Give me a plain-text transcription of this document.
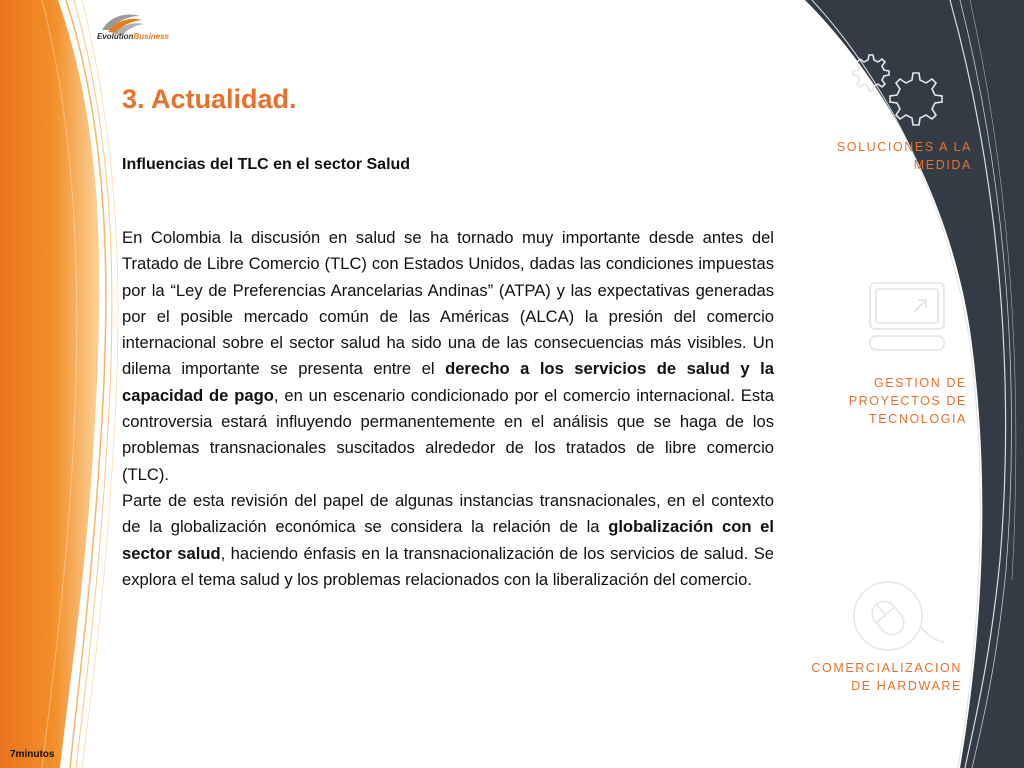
EvolutionBusiness
3. Actualidad.
Influencias del TLC en el sector Salud

En Colombia la discusión en salud se ha tornado muy importante desde antes del Tratado de Libre Comercio (TLC) con Estados Unidos, dadas las condiciones impuestas por la “Ley de Preferencias Arancelarias Andinas” (ATPA) y las expectativas generadas por el posible mercado común de las Américas (ALCA) la presión del comercio internacional sobre el sector salud ha sido una de las consecuencias más visibles. Un dilema importante se presenta entre el derecho a los servicios de salud y la capacidad de pago, en un escenario condicionado por el comercio internacional. Esta controversia estará influyendo permanentemente en el análisis que se haga de los problemas transnacionales suscitados alrededor de los tratados de libre comercio (TLC).

Parte de esta revisión del papel de algunas instancias transnacionales, en el contexto de la globalización económica se considera la relación de la globalización con el sector salud, haciendo énfasis en la transnacionalización de los servicios de salud. Se explora el tema salud y los problemas relacionados con la liberalización del comercio.

SOLUCIONES A LA
MEDIDA
GESTION DE
PROYECTOS DE
TECNOLOGIA
COMERCIALIZACION
DE HARDWARE
7minutos
